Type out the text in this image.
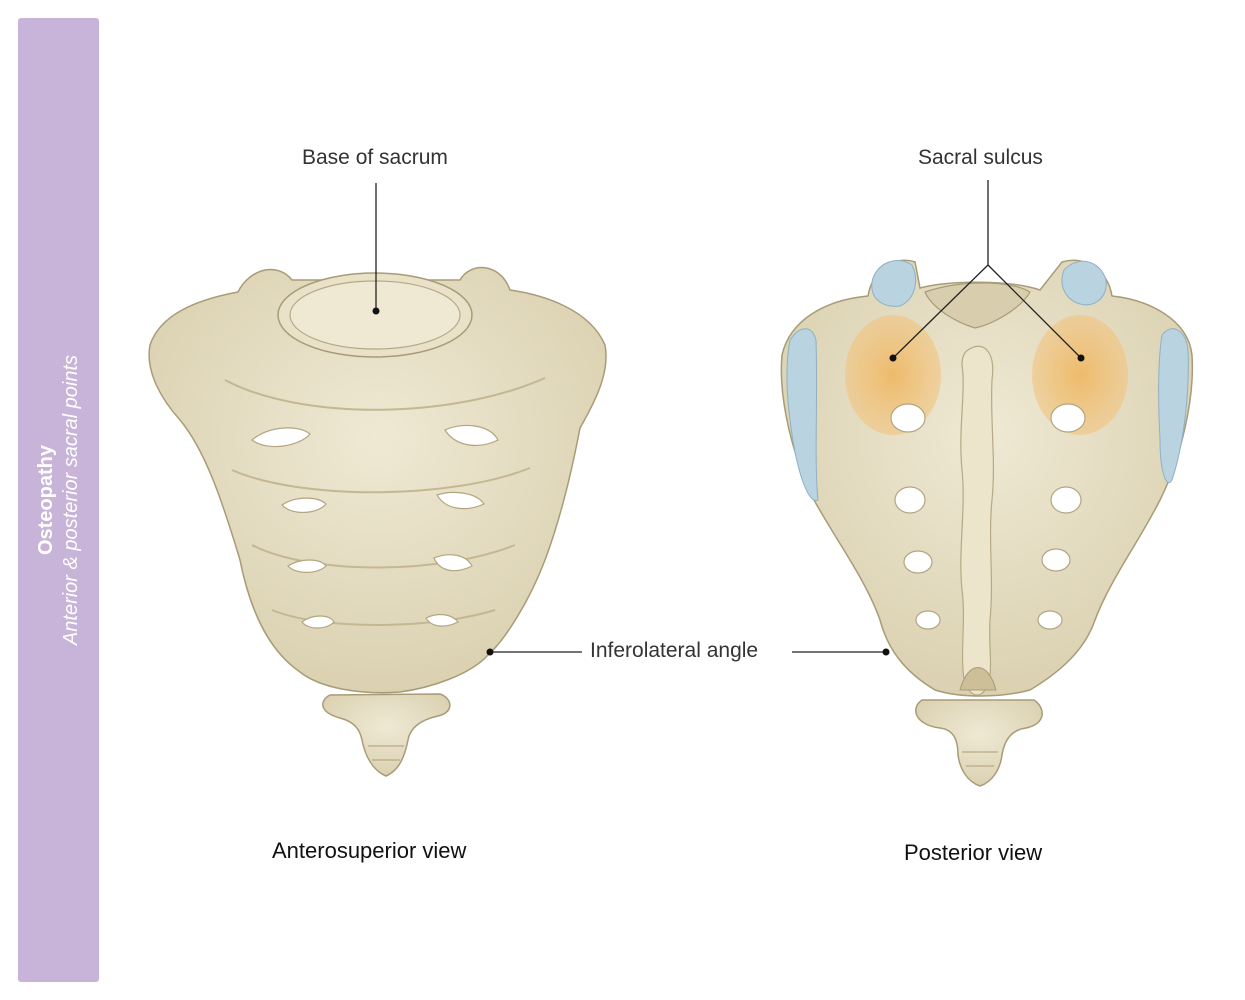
Osteopathy Anterior & posterior sacral points
Base of sacrum	Sacral sulcus
Inferolateral angle
Anterosuperior view	Posterior view
